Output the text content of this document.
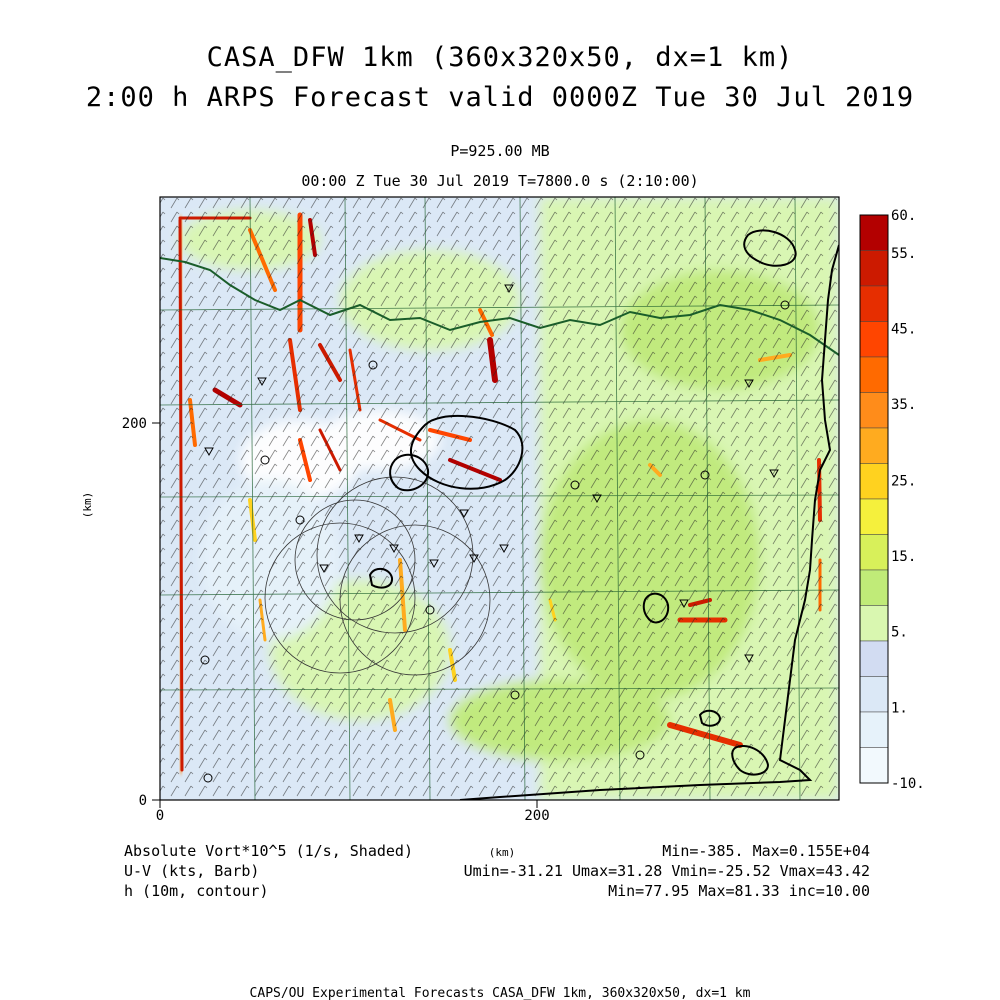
CASA_DFW 1km (360x320x50, dx=1 km)
2:00 h ARPS Forecast valid 0000Z Tue 30 Jul 2019
P=925.00 MB
00:00 Z Tue 30 Jul 2019 T=7800.0 s (2:10:00)
0	200
0
200
(km)
(km)
60.
55.
45.
35.
25.
15.
5.
1.
-10.
Absolute Vort*10^5 (1/s, Shaded)
U-V (kts, Barb)
h (10m, contour)
Min=-385. Max=0.155E+04
Umin=-31.21 Umax=31.28 Vmin=-25.52 Vmax=43.42
Min=77.95 Max=81.33 inc=10.00
CAPS/OU Experimental Forecasts CASA_DFW 1km, 360x320x50, dx=1 km
